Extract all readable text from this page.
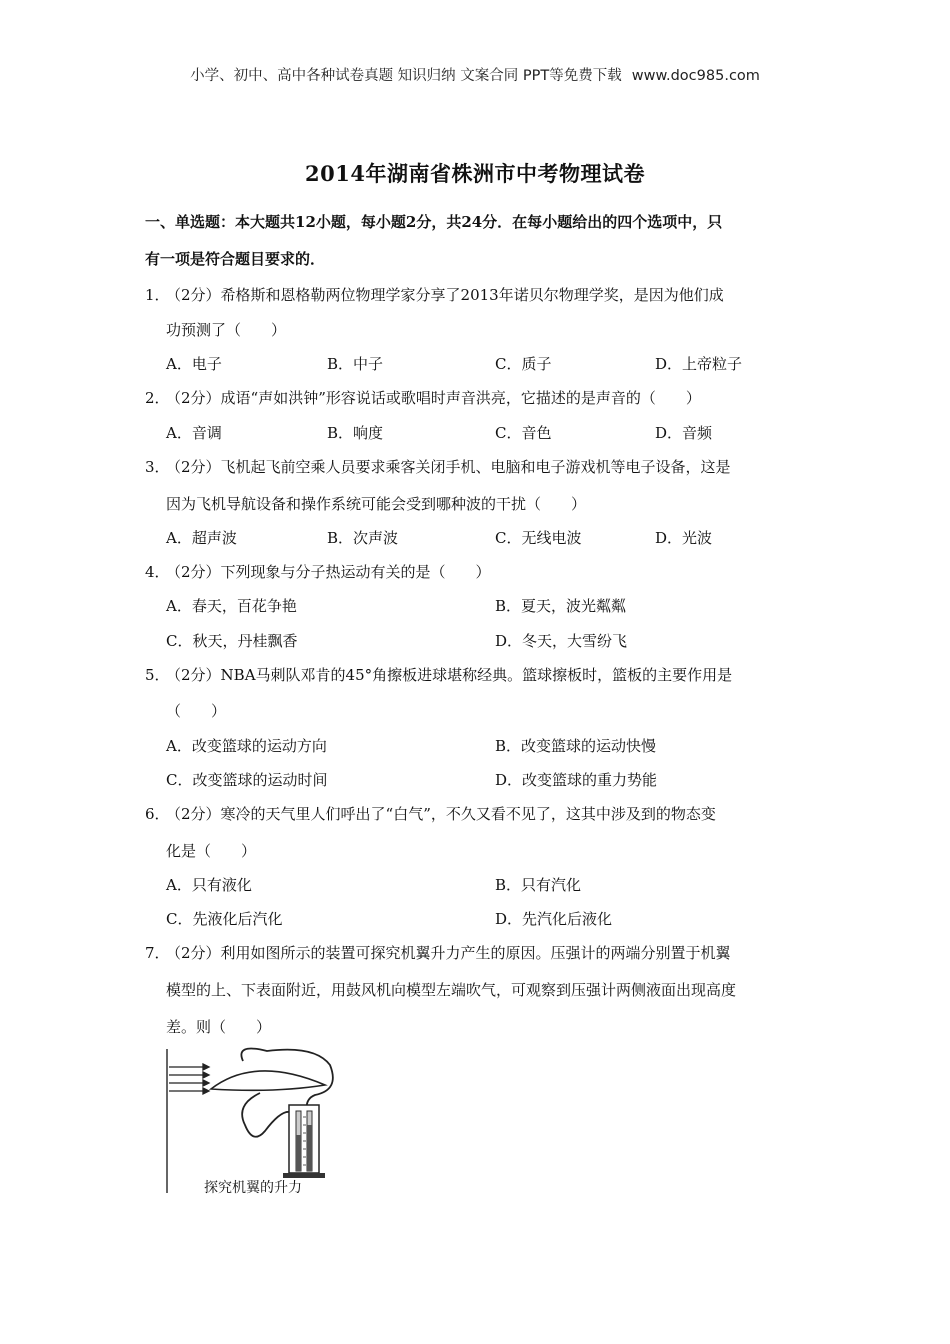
小学、初中、高中各种试卷真题 知识归纳 文案合同 PPT等免费下载 www.doc985.com
2014年湖南省株洲市中考物理试卷
一、单选题：本大题共12小题，每小题2分，共24分．在每小题给出的四个选项中，只
有一项是符合题目要求的．
1．
（2分）希格斯和恩格勒两位物理学家分享了2013年诺贝尔物理学奖，是因为他们成
功预测了（　　）
A．电子	B．中子	C．质子	D．上帝粒子
2．
（2分）成语“声如洪钟”形容说话或歌唱时声音洪亮，它描述的是声音的（　　）
A．音调	B．响度	C．音色	D．音频
3．
（2分）飞机起飞前空乘人员要求乘客关闭手机、电脑和电子游戏机等电子设备，这是
因为飞机导航设备和操作系统可能会受到哪种波的干扰（　　）
A．超声波	B．次声波	C．无线电波	D．光波
4．
（2分）下列现象与分子热运动有关的是（　　）
A．春天，百花争艳	B．夏天，波光粼粼
C．秋天，丹桂飘香	D．冬天，大雪纷飞
5．
（2分）NBA马刺队邓肯的45°角擦板进球堪称经典。篮球擦板时，篮板的主要作用是
（　　）
A．改变篮球的运动方向	B．改变篮球的运动快慢
C．改变篮球的运动时间	D．改变篮球的重力势能
6．
（2分）寒冷的天气里人们呼出了“白气”，不久又看不见了，这其中涉及到的物态变
化是（　　）
A．只有液化	B．只有汽化
C．先液化后汽化	D．先汽化后液化
7．
（2分）利用如图所示的装置可探究机翼升力产生的原因。压强计的两端分别置于机翼
模型的上、下表面附近，用鼓风机向模型左端吹气，可观察到压强计两侧液面出现高度
差。则（　　）
探究机翼的升力
